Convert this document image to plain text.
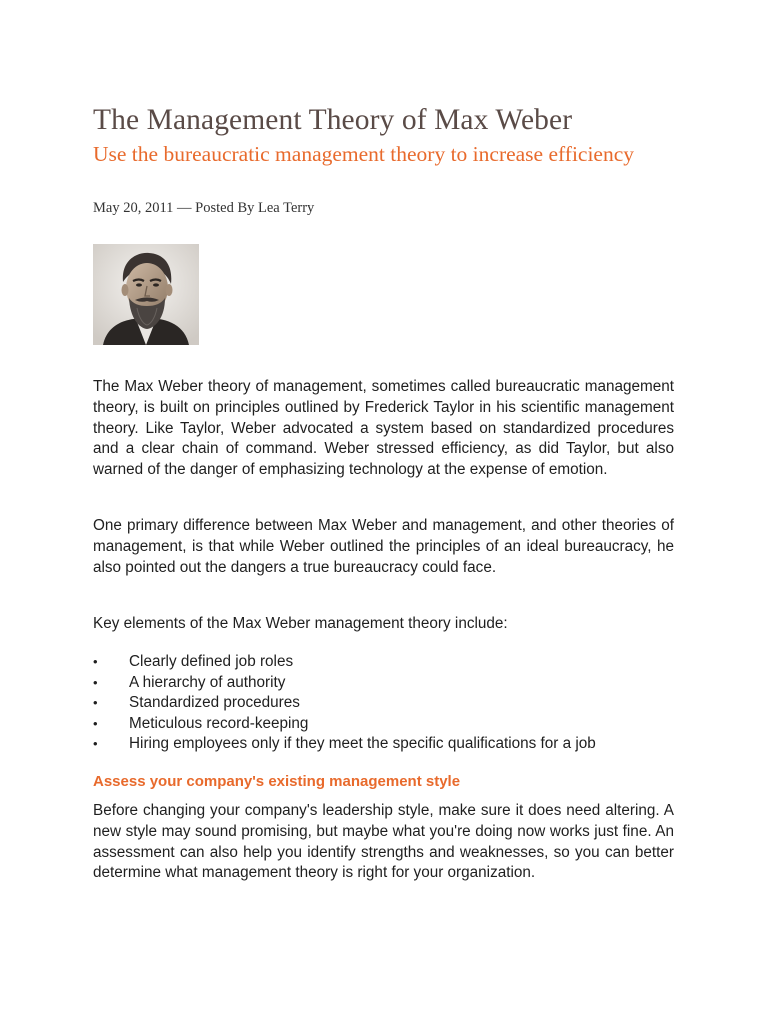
The Management Theory of Max Weber
Use the bureaucratic management theory to increase efficiency
May 20, 2011 — Posted By Lea Terry

The Max Weber theory of management, sometimes called bureaucratic management theory, is built on principles outlined by Frederick Taylor in his scientific management theory. Like Taylor, Weber advocated a system based on standardized procedures and a clear chain of command. Weber stressed efficiency, as did Taylor, but also warned of the danger of emphasizing technology at the expense of emotion.

One primary difference between Max Weber and management, and other theories of management, is that while Weber outlined the principles of an ideal bureaucracy, he also pointed out the dangers a true bureaucracy could face.

Key elements of the Max Weber management theory include:

• Clearly defined job roles
• A hierarchy of authority
• Standardized procedures
• Meticulous record-keeping
• Hiring employees only if they meet the specific qualifications for a job
Assess your company's existing management style

Before changing your company's leadership style, make sure it does need altering. A new style may sound promising, but maybe what you're doing now works just fine. An assessment can also help you identify strengths and weaknesses, so you can better determine what management theory is right for your organization.
